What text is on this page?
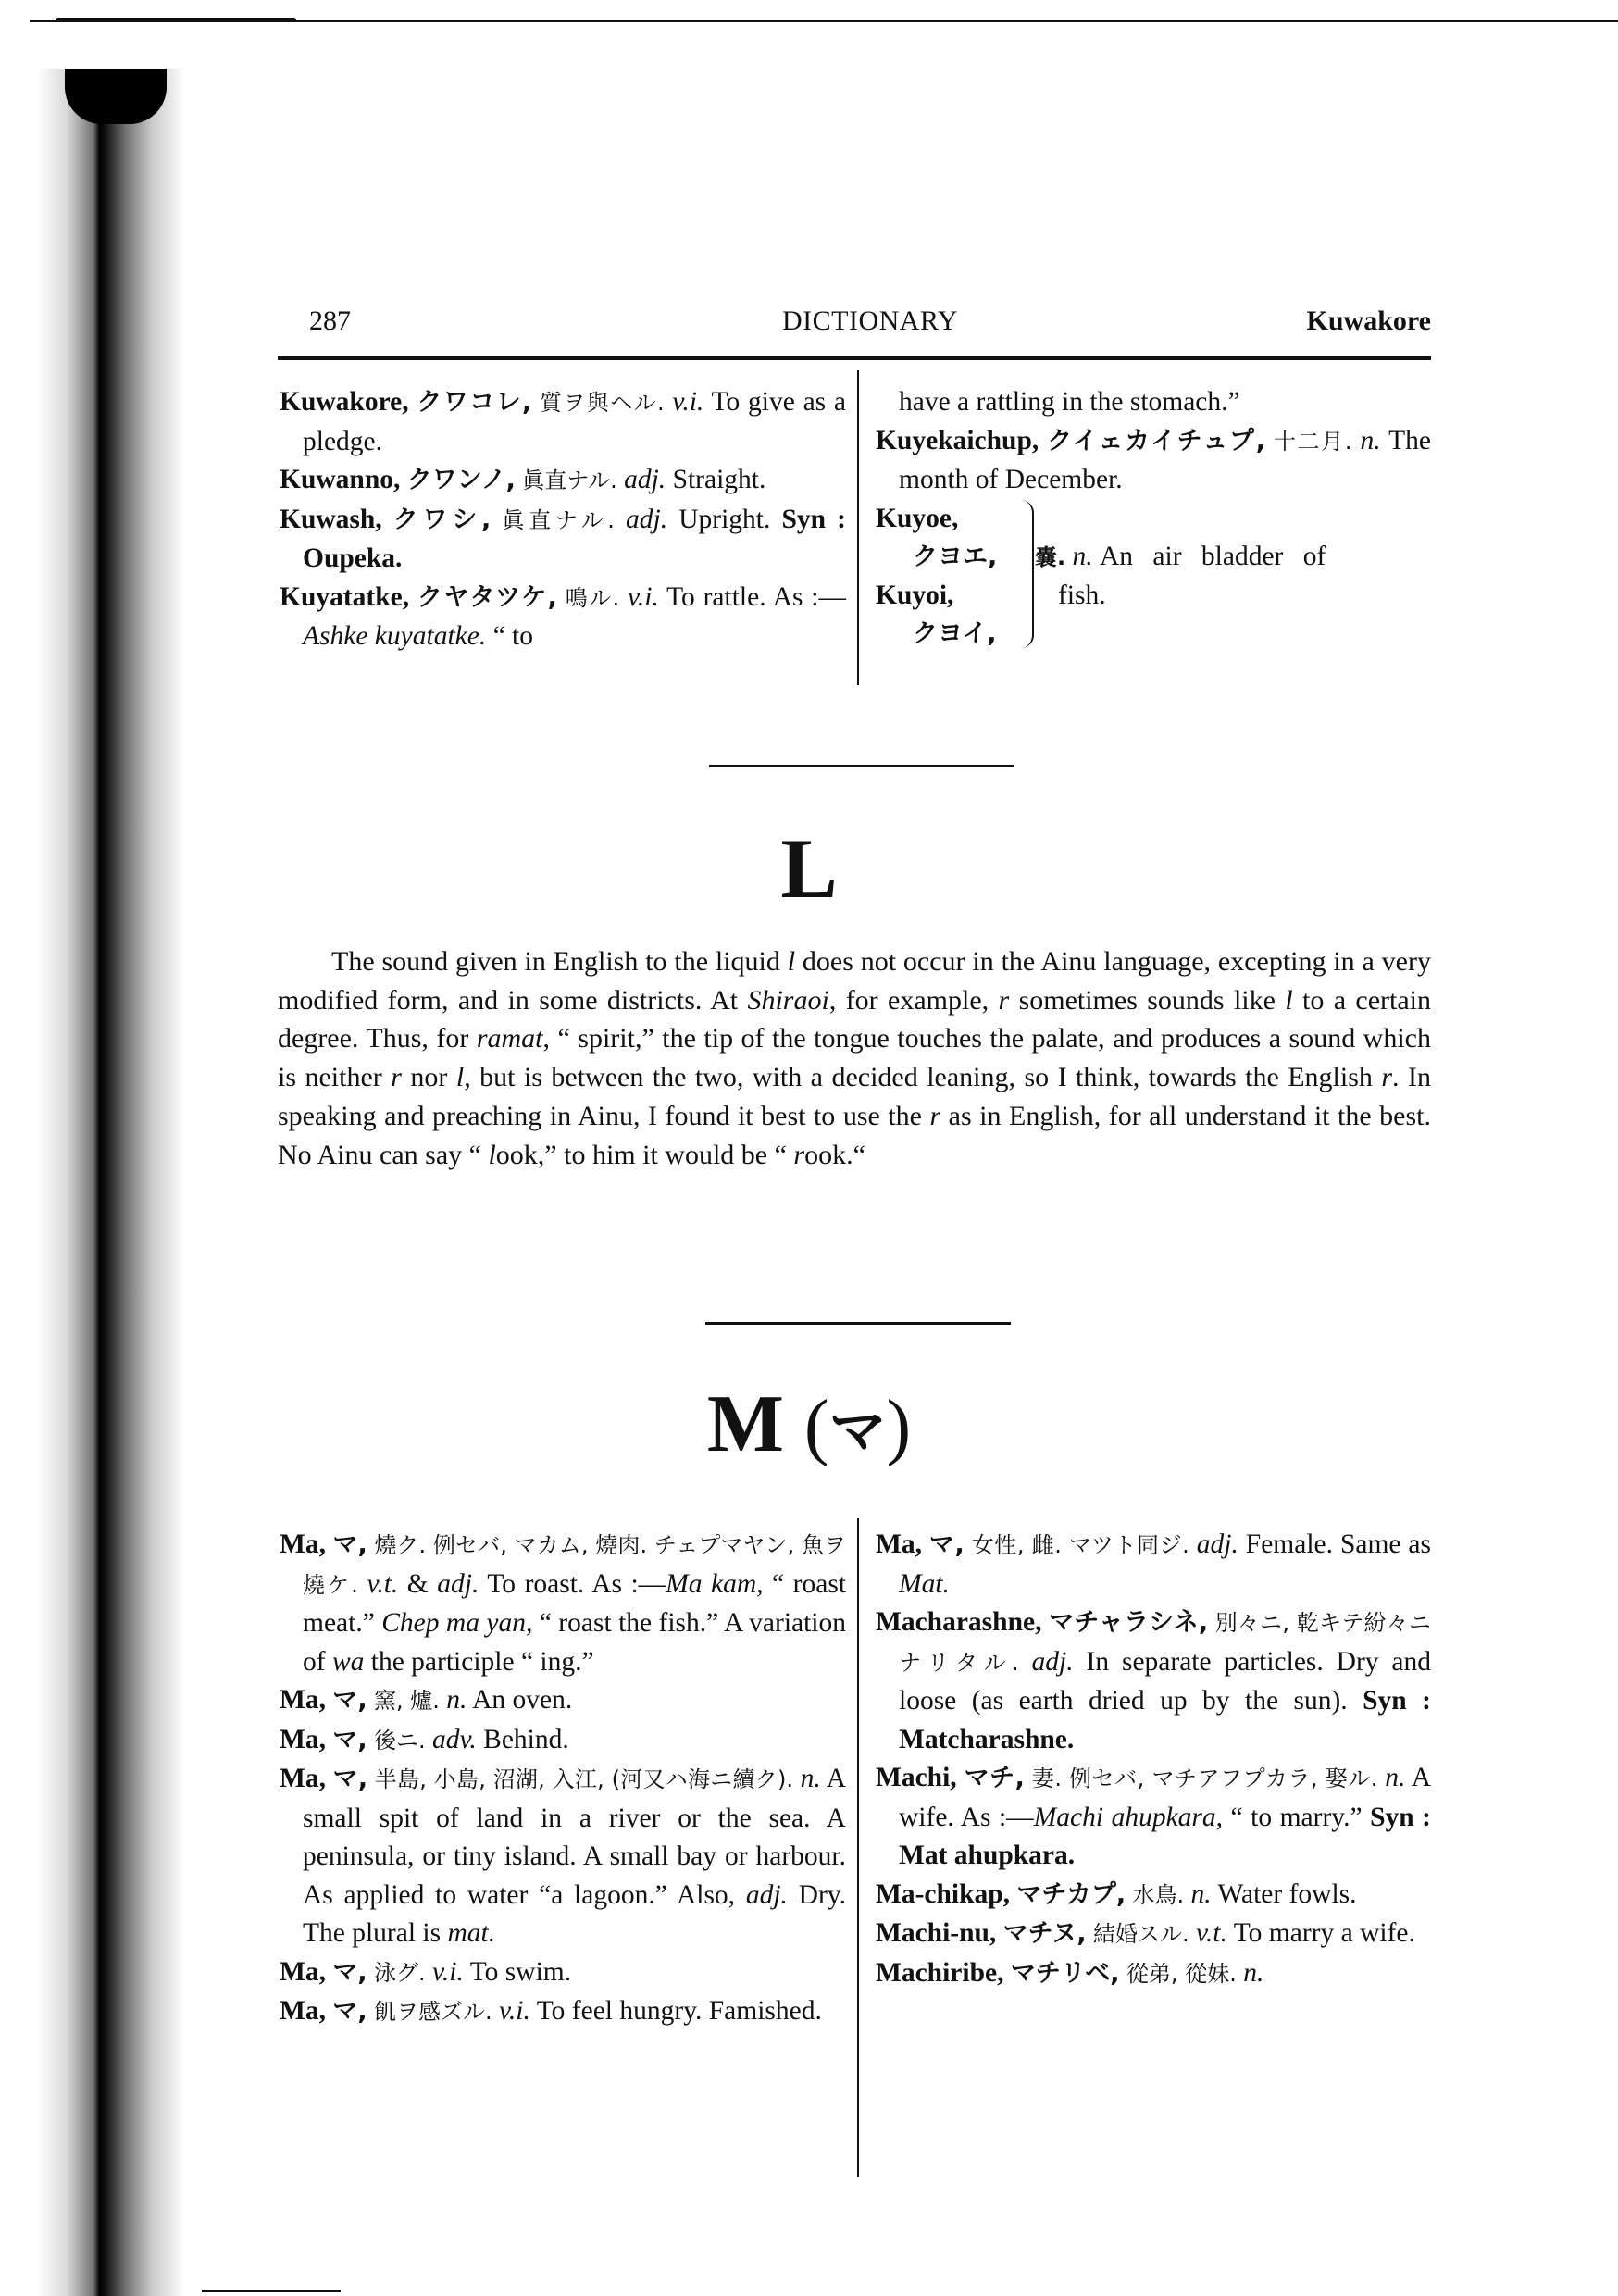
287	DICTIONARY	Kuwakore

Kuwakore, クワコレ, 質ヲ與ヘル. v.i. To give as a pledge.

Kuwanno, クワンノ, 眞直ナル. adj. Straight.

Kuwash, クワシ, 眞直ナル. adj. Upright. Syn : Oupeka.

Kuyatatke, クヤタツケ, 鳴ル. v.i. To rattle. As :—Ashke kuyatatke. “ to

have a rattling in the stomach.”

Kuyekaichup, クイェカイチュプ, 十二月. n. The month of December.

Kuyoe,
クヨエ,
Kuyoi,
クヨイ,
嚢. n. An air bladder of
fish.
L

The sound given in English to the liquid l does not occur in the Ainu language, excepting in a very modified form, and in some districts. At Shiraoi, for example, r sometimes sounds like l to a certain degree. Thus, for ramat, “ spirit,” the tip of the tongue touches the palate, and produces a sound which is neither r nor l, but is between the two, with a decided leaning, so I think, towards the English r. In speaking and preaching in Ainu, I found it best to use the r as in English, for all understand it the best. No Ainu can say “ look,” to him it would be “ rook.“

M (マ)

Ma, マ, 燒ク. 例セバ, マカム, 燒肉. チェプマヤン, 魚ヲ燒ケ. v.t. & adj. To roast. As :—Ma kam, “ roast meat.” Chep ma yan, “ roast the fish.” A variation of wa the participle “ ing.”

Ma, マ, 窯, 爐. n. An oven.

Ma, マ, 後ニ. adv. Behind.

Ma, マ, 半島, 小島, 沼湖, 入江, (河又ハ海ニ續ク). n. A small spit of land in a river or the sea. A peninsula, or tiny island. A small bay or harbour. As applied to water “a lagoon.” Also, adj. Dry. The plural is mat.

Ma, マ, 泳グ. v.i. To swim.

Ma, マ, 飢ヲ感ズル. v.i. To feel hungry. Famished.

Ma, マ, 女性, 雌. マツト同ジ. adj. Female. Same as Mat.

Macharashne, マチャラシネ, 別々ニ, 乾キテ紛々ニナリタル. adj. In separate particles. Dry and loose (as earth dried up by the sun). Syn : Matcharashne.

Machi, マチ, 妻. 例セバ, マチアフプカラ, 娶ル. n. A wife. As :—Machi ahupkara, “ to marry.” Syn : Mat ahupkara.

Ma-chikap, マチカプ, 水鳥. n. Water fowls.

Machi-nu, マチヌ, 結婚スル. v.t. To marry a wife.

Machiribe, マチリベ, 從弟, 從妹. n.
